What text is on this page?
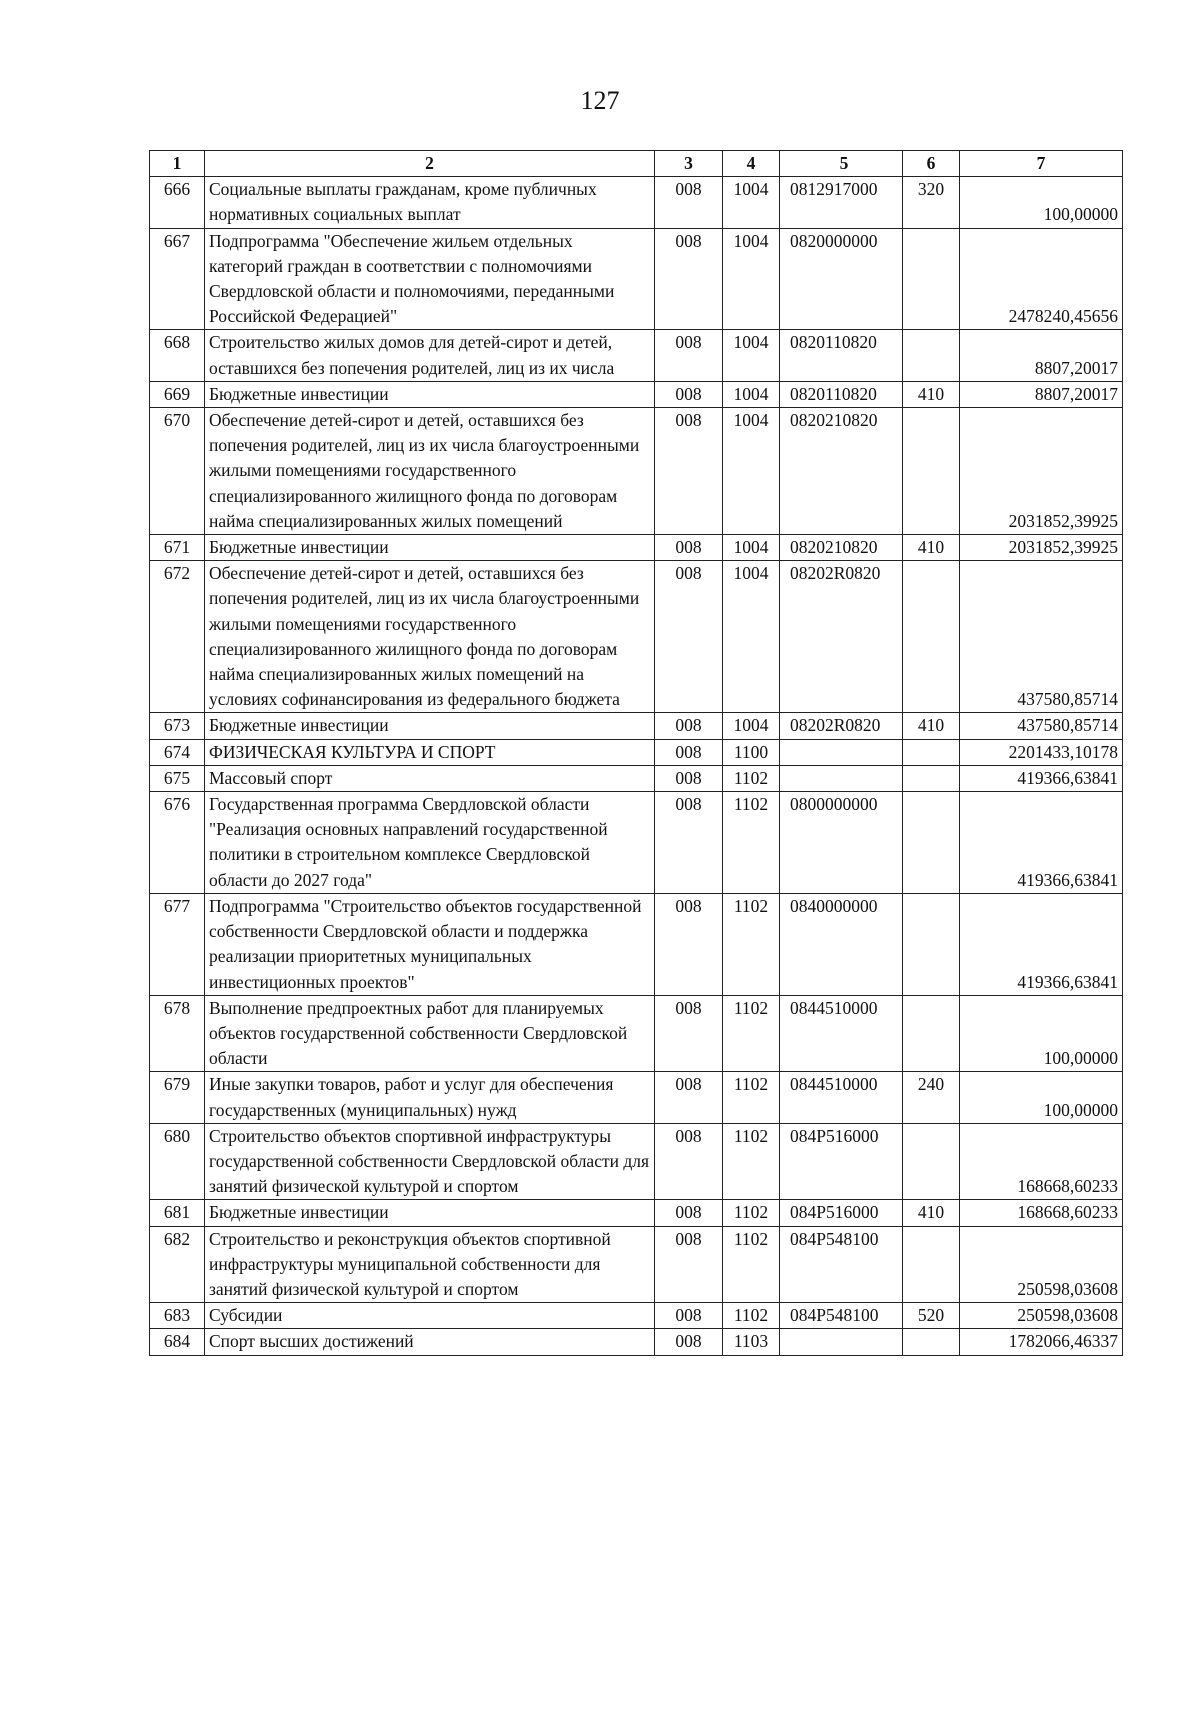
127
1	2	3	4	5	6	7
666	Социальные выплаты гражданам, кроме публичных нормативных социальных выплат	008	1004	0812917000	320	100,00000
667	Подпрограмма "Обеспечение жильем отдельных категорий граждан в соответствии с полномочиями Свердловской области и полномочиями, переданными Российской Федерацией"	008	1004	0820000000		2478240,45656
668	Строительство жилых домов для детей-сирот и детей, оставшихся без попечения родителей, лиц из их числа	008	1004	0820110820		8807,20017
669	Бюджетные инвестиции	008	1004	0820110820	410	8807,20017
670	Обеспечение детей-сирот и детей, оставшихся без попечения родителей, лиц из их числа благоустроенными жилыми помещениями государственного специализированного жилищного фонда по договорам найма специализированных жилых помещений	008	1004	0820210820		2031852,39925
671	Бюджетные инвестиции	008	1004	0820210820	410	2031852,39925
672	Обеспечение детей-сирот и детей, оставшихся без попечения родителей, лиц из их числа благоустроенными жилыми помещениями государственного специализированного жилищного фонда по договорам найма специализированных жилых помещений на условиях софинансирования из федерального бюджета	008	1004	08202R0820		437580,85714
673	Бюджетные инвестиции	008	1004	08202R0820	410	437580,85714
674	ФИЗИЧЕСКАЯ КУЛЬТУРА И СПОРТ	008	1100			2201433,10178
675	Массовый спорт	008	1102			419366,63841
676	Государственная программа Свердловской области "Реализация основных направлений государственной политики в строительном комплексе Свердловской области до 2027 года"	008	1102	0800000000		419366,63841
677	Подпрограмма "Строительство объектов государственной собственности Свердловской области и поддержка реализации приоритетных муниципальных инвестиционных проектов"	008	1102	0840000000		419366,63841
678	Выполнение предпроектных работ для планируемых объектов государственной собственности Свердловской области	008	1102	0844510000		100,00000
679	Иные закупки товаров, работ и услуг для обеспечения государственных (муниципальных) нужд	008	1102	0844510000	240	100,00000
680	Строительство объектов спортивной инфраструктуры государственной собственности Свердловской области для занятий физической культурой и спортом	008	1102	084P516000		168668,60233
681	Бюджетные инвестиции	008	1102	084P516000	410	168668,60233
682	Строительство и реконструкция объектов спортивной инфраструктуры муниципальной собственности для занятий физической культурой и спортом	008	1102	084P548100		250598,03608
683	Субсидии	008	1102	084P548100	520	250598,03608
684	Спорт высших достижений	008	1103			1782066,46337
